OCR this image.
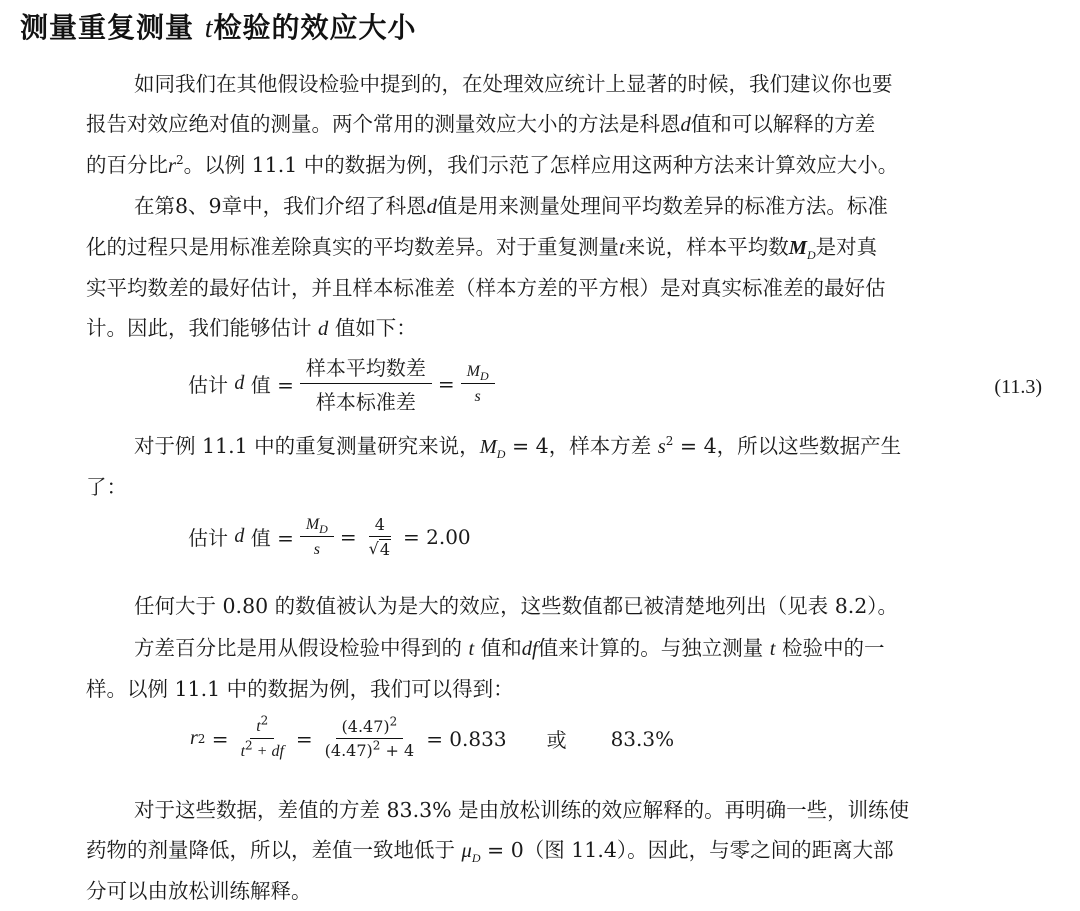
测量重复测量 t检验的效应大小
如同我们在其他假设检验中提到的，在处理效应统计上显著的时候，我们建议你也要
报告对效应绝对值的测量。两个常用的测量效应大小的方法是科恩d值和可以解释的方差
的百分比$r^2$。以例 11.1 中的数据为例，我们示范了怎样应用这两种方法来计算效应大小。
在第8、9章中，我们介绍了科恩d值是用来测量处理间平均数差异的标准方法。标准
化的过程只是用标准差除真实的平均数差异。对于重复测量t来说，样本平均数$M_D$是对真
实平均数差的最好估计，并且样本标准差（样本方差的平方根）是对真实标准差的最好估
计。因此，我们能够估计 d 值如下：
估计
d
值 = $\frac{\text{样本平均数差}}{\text{样本标准差}} = \frac{M_D}{s}$	(11.3)
对于例 11.1 中的重复测量研究来说，$M_D = 4$，样本方差 $s^2 = 4$，所以这些数据产生
了：
估计
d
值 = $\frac{M_D}{s} = \frac{4}{√ 4} = 2.00$
任何大于 0.80 的数值被认为是大的效应，这些数值都已被清楚地列出（见表 8.2）。
方差百分比是用从假设检验中得到的 t 值和df值来计算的。与独立测量 t 检验中的一
样。以例 11.1 中的数据为例，我们可以得到：
r 2
= $\frac{t^2}{t^2 + df} = \frac{(4.47)^2}{(4.47)^2 + 4} = 0.833$ 或 83.3%
对于这些数据，差值的方差 83.3% 是由放松训练的效应解释的。再明确一些，训练使
药物的剂量降低，所以，差值一致地低于 $\mu_D = 0$（图 11.4）。因此，与零之间的距离大部
分可以由放松训练解释。
